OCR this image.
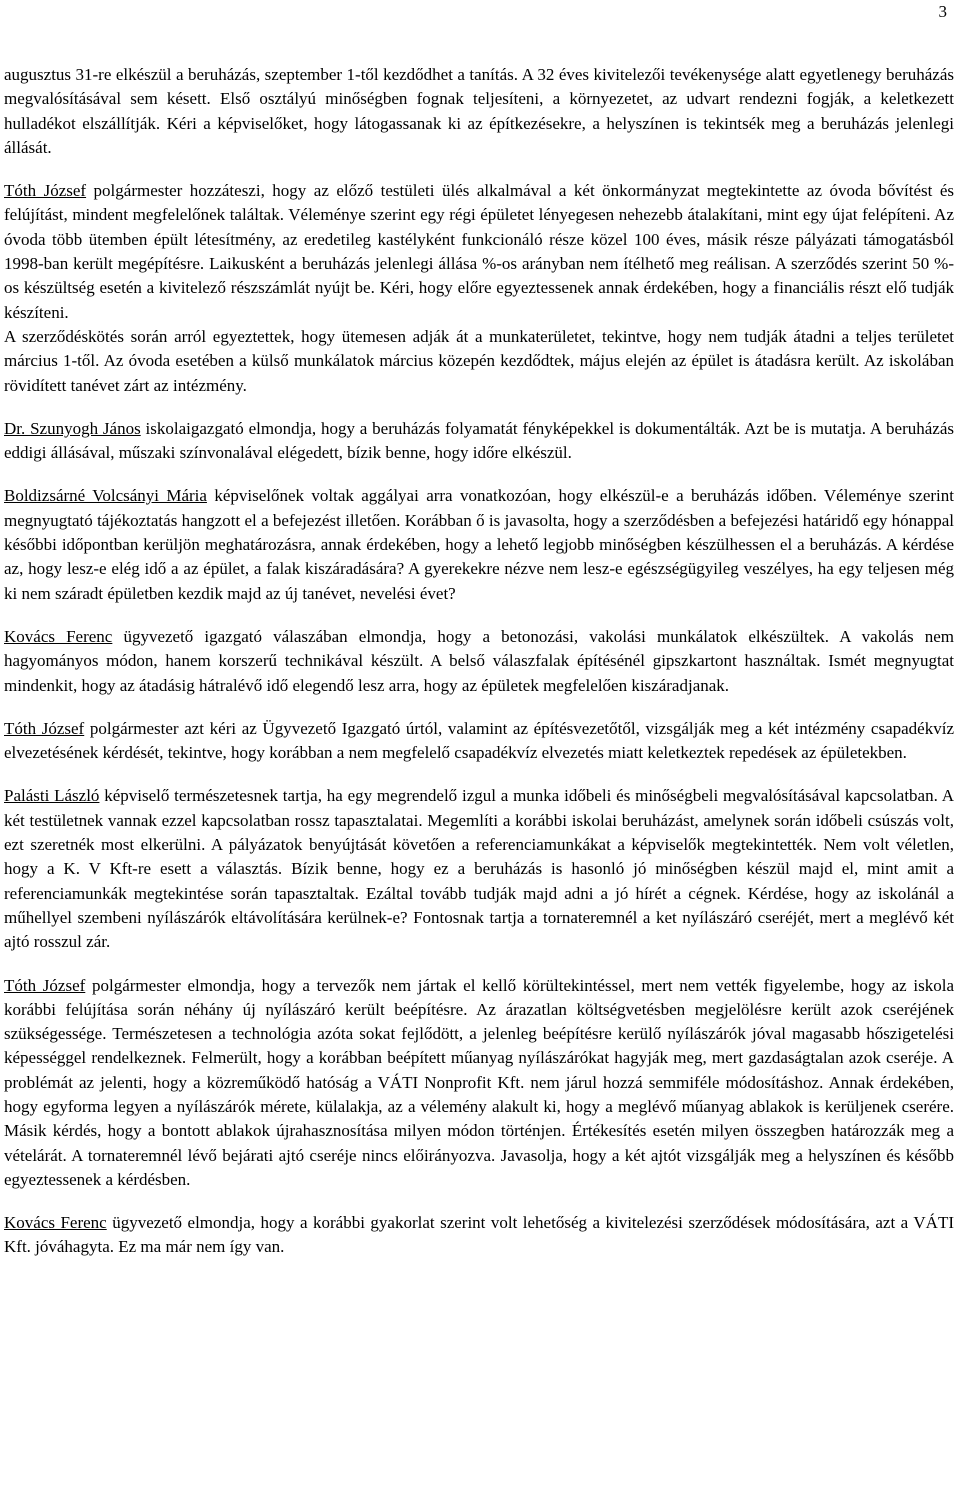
3

augusztus 31-re elkészül a beruházás, szeptember 1-től kezdődhet a tanítás. A 32 éves kivitelezői tevékenysége alatt egyetlenegy beruházás megvalósításával sem késett. Első osztályú minőségben fognak teljesíteni, a környezetet, az udvart rendezni fogják, a keletkezett hulladékot elszállítják. Kéri a képviselőket, hogy látogassanak ki az építkezésekre, a helyszínen is tekintsék meg a beruházás jelenlegi állását.

Tóth József polgármester hozzáteszi, hogy az előző testületi ülés alkalmával a két önkormányzat megtekintette az óvoda bővítést és felújítást, mindent megfelelőnek találtak. Véleménye szerint egy régi épületet lényegesen nehezebb átalakítani, mint egy újat felépíteni. Az óvoda több ütemben épült létesítmény, az eredetileg kastélyként funkcionáló része közel 100 éves, másik része pályázati támogatásból 1998-ban került megépítésre. Laikusként a beruházás jelenlegi állása %-os arányban nem ítélhető meg reálisan. A szerződés szerint 50 %-os készültség esetén a kivitelező részszámlát nyújt be. Kéri, hogy előre egyeztessenek annak érdekében, hogy a financiális részt elő tudják készíteni.

A szerződéskötés során arról egyeztettek, hogy ütemesen adják át a munkaterületet, tekintve, hogy nem tudják átadni a teljes területet március 1-től. Az óvoda esetében a külső munkálatok március közepén kezdődtek, május elején az épület is átadásra került. Az iskolában rövidített tanévet zárt az intézmény.

Dr. Szunyogh János iskolaigazgató elmondja, hogy a beruházás folyamatát fényképekkel is dokumentálták. Azt be is mutatja. A beruházás eddigi állásával, műszaki színvonalával elégedett, bízik benne, hogy időre elkészül.

Boldizsárné Volcsányi Mária képviselőnek voltak aggályai arra vonatkozóan, hogy elkészül-e a beruházás időben. Véleménye szerint megnyugtató tájékoztatás hangzott el a befejezést illetően. Korábban ő is javasolta, hogy a szerződésben a befejezési határidő egy hónappal későbbi időpontban kerüljön meghatározásra, annak érdekében, hogy a lehető legjobb minőségben készülhessen el a beruházás. A kérdése az, hogy lesz-e elég idő a az épület, a falak kiszáradására? A gyerekekre nézve nem lesz-e egészségügyileg veszélyes, ha egy teljesen még ki nem száradt épületben kezdik majd az új tanévet, nevelési évet?

Kovács Ferenc ügyvezető igazgató válaszában elmondja, hogy a betonozási, vakolási munkálatok elkészültek. A vakolás nem hagyományos módon, hanem korszerű technikával készült. A belső válaszfalak építésénél gipszkartont használtak. Ismét megnyugtat mindenkit, hogy az átadásig hátralévő idő elegendő lesz arra, hogy az épületek megfelelően kiszáradjanak.

Tóth József polgármester azt kéri az Ügyvezető Igazgató úrtól, valamint az építésvezetőtől, vizsgálják meg a két intézmény csapadékvíz elvezetésének kérdését, tekintve, hogy korábban a nem megfelelő csapadékvíz elvezetés miatt keletkeztek repedések az épületekben.

Palásti László képviselő természetesnek tartja, ha egy megrendelő izgul a munka időbeli és minőségbeli megvalósításával kapcsolatban. A két testületnek vannak ezzel kapcsolatban rossz tapasztalatai. Megemlíti a korábbi iskolai beruházást, amelynek során időbeli csúszás volt, ezt szeretnék most elkerülni. A pályázatok benyújtását követően a referenciamunkákat a képviselők megtekintették. Nem volt véletlen, hogy a K. V Kft-re esett a választás. Bízik benne, hogy ez a beruházás is hasonló jó minőségben készül majd el, mint amit a referenciamunkák megtekintése során tapasztaltak. Ezáltal tovább tudják majd adni a jó hírét a cégnek. Kérdése, hogy az iskolánál a műhellyel szembeni nyílászárók eltávolítására kerülnek-e? Fontosnak tartja a tornateremnél a ket nyílászáró cseréjét, mert a meglévő két ajtó rosszul zár.

Tóth József polgármester elmondja, hogy a tervezők nem jártak el kellő körültekintéssel, mert nem vették figyelembe, hogy az iskola korábbi felújítása során néhány új nyílászáró került beépítésre. Az árazatlan költségvetésben megjelölésre került azok cseréjének szükségessége. Természetesen a technológia azóta sokat fejlődött, a jelenleg beépítésre kerülő nyílászárók jóval magasabb hőszigetelési képességgel rendelkeznek. Felmerült, hogy a korábban beépített műanyag nyílászárókat hagyják meg, mert gazdaságtalan azok cseréje. A problémát az jelenti, hogy a közreműködő hatóság a VÁTI Nonprofit Kft. nem járul hozzá semmiféle módosításhoz. Annak érdekében, hogy egyforma legyen a nyílászárók mérete, külalakja, az a vélemény alakult ki, hogy a meglévő műanyag ablakok is kerüljenek cserére. Másik kérdés, hogy a bontott ablakok újrahasznosítása milyen módon történjen. Értékesítés esetén milyen összegben határozzák meg a vételárát. A tornateremnél lévő bejárati ajtó cseréje nincs előirányozva. Javasolja, hogy a két ajtót vizsgálják meg a helyszínen és később egyeztessenek a kérdésben.

Kovács Ferenc ügyvezető elmondja, hogy a korábbi gyakorlat szerint volt lehetőség a kivitelezési szerződések módosítására, azt a VÁTI Kft. jóváhagyta. Ez ma már nem így van.
